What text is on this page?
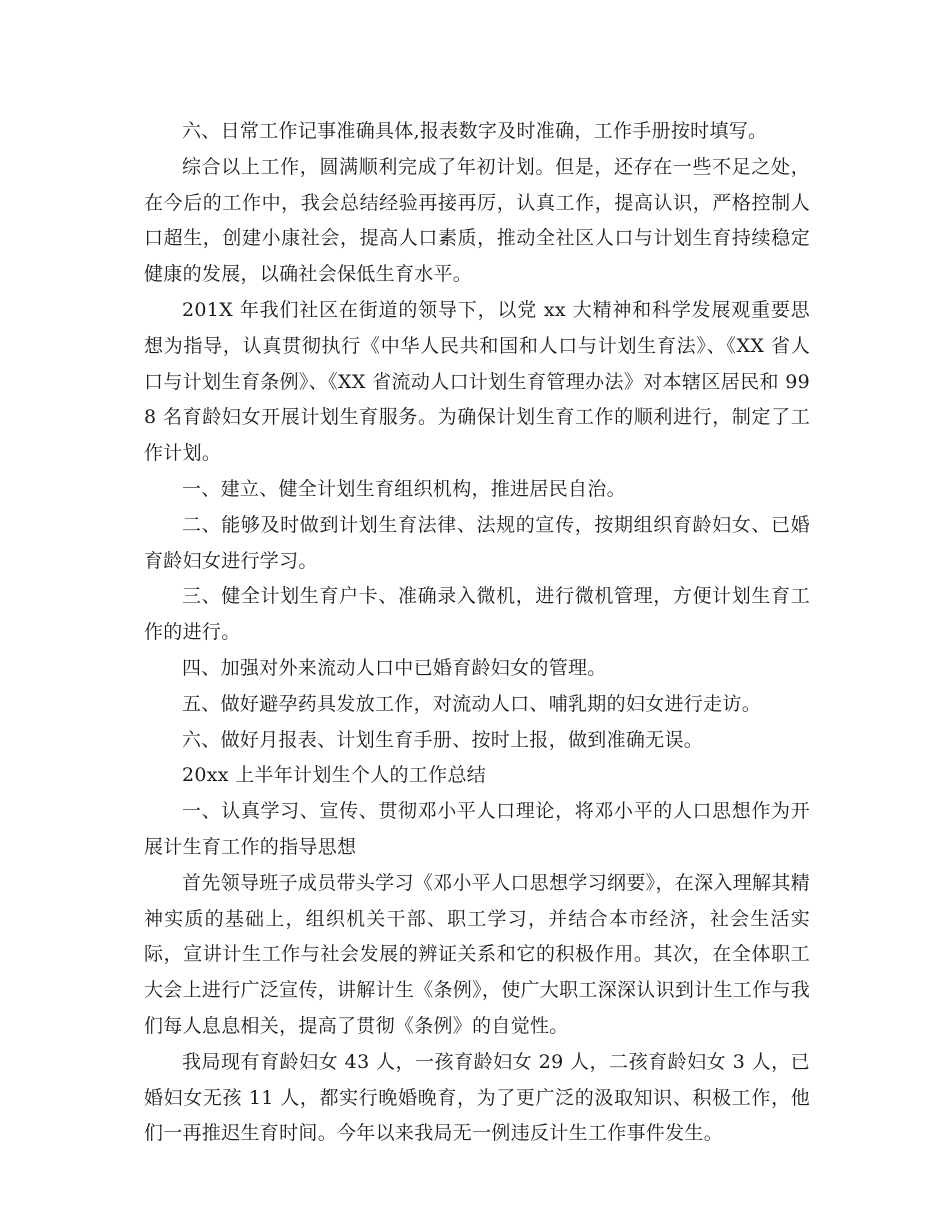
六、日常工作记事准确具体,报表数字及时准确，工作手册按时填写。

综合以上工作，圆满顺利完成了年初计划。但是，还存在一些不足之处，在今后的工作中，我会总结经验再接再厉，认真工作，提高认识，严格控制人口超生，创建小康社会，提高人口素质，推动全社区人口与计划生育持续稳定健康的发展，以确社会保低生育水平。

201X 年我们社区在街道的领导下，以党 xx 大精神和科学发展观重要思想为指导，认真贯彻执行《中华人民共和国和人口与计划生育法》、《XX 省人口与计划生育条例》、《XX 省流动人口计划生育管理办法》对本辖区居民和 998 名育龄妇女开展计划生育服务。为确保计划生育工作的顺利进行，制定了工作计划。

一、建立、健全计划生育组织机构，推进居民自治。

二、能够及时做到计划生育法律、法规的宣传，按期组织育龄妇女、已婚育龄妇女进行学习。

三、健全计划生育户卡、准确录入微机，进行微机管理，方便计划生育工作的进行。

四、加强对外来流动人口中已婚育龄妇女的管理。

五、做好避孕药具发放工作，对流动人口、哺乳期的妇女进行走访。

六、做好月报表、计划生育手册、按时上报，做到准确无误。

20xx 上半年计划生个人的工作总结

一、认真学习、宣传、贯彻邓小平人口理论，将邓小平的人口思想作为开展计生育工作的指导思想

首先领导班子成员带头学习《邓小平人口思想学习纲要》，在深入理解其精神实质的基础上，组织机关干部、职工学习，并结合本市经济，社会生活实际，宣讲计生工作与社会发展的辨证关系和它的积极作用。其次，在全体职工大会上进行广泛宣传，讲解计生《条例》，使广大职工深深认识到计生工作与我们每人息息相关，提高了贯彻《条例》的自觉性。

我局现有育龄妇女 43 人，一孩育龄妇女 29 人，二孩育龄妇女 3 人，已婚妇女无孩 11 人，都实行晚婚晚育，为了更广泛的汲取知识、积极工作，他们一再推迟生育时间。今年以来我局无一例违反计生工作事件发生。
